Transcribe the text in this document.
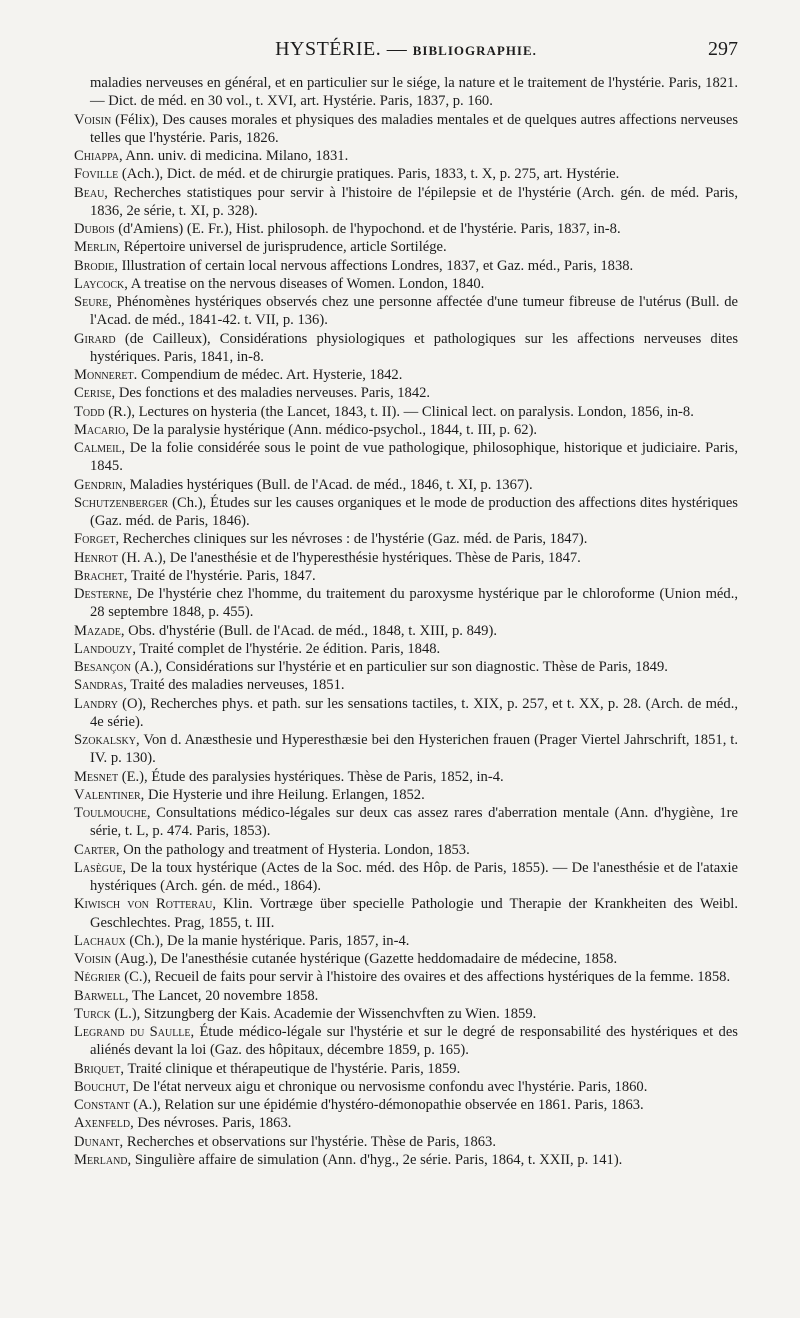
HYSTÉRIE. — BIBLIOGRAPHIE.	297

maladies nerveuses en général, et en particulier sur le siége, la nature et le traitement de l'hystérie. Paris, 1821. — Dict. de méd. en 30 vol., t. XVI, art. Hystérie. Paris, 1837, p. 160.

Voisin (Félix), Des causes morales et physiques des maladies mentales et de quelques autres affections nerveuses telles que l'hystérie. Paris, 1826.

Chiappa, Ann. univ. di medicina. Milano, 1831.

Foville (Ach.), Dict. de méd. et de chirurgie pratiques. Paris, 1833, t. X, p. 275, art. Hystérie.

Beau, Recherches statistiques pour servir à l'histoire de l'épilepsie et de l'hystérie (Arch. gén. de méd. Paris, 1836, 2e série, t. XI, p. 328).

Dubois (d'Amiens) (E. Fr.), Hist. philosoph. de l'hypochond. et de l'hystérie. Paris, 1837, in-8.

Merlin, Répertoire universel de jurisprudence, article Sortilége.

Brodie, Illustration of certain local nervous affections Londres, 1837, et Gaz. méd., Paris, 1838.

Laycock, A treatise on the nervous diseases of Women. London, 1840.

Seure, Phénomènes hystériques observés chez une personne affectée d'une tumeur fibreuse de l'utérus (Bull. de l'Acad. de méd., 1841-42. t. VII, p. 136).

Girard (de Cailleux), Considérations physiologiques et pathologiques sur les affections nerveuses dites hystériques. Paris, 1841, in-8.

Monneret. Compendium de médec. Art. Hysterie, 1842.

Cerise, Des fonctions et des maladies nerveuses. Paris, 1842.

Todd (R.), Lectures on hysteria (the Lancet, 1843, t. II). — Clinical lect. on paralysis. London, 1856, in-8.

Macario, De la paralysie hystérique (Ann. médico-psychol., 1844, t. III, p. 62).

Calmeil, De la folie considérée sous le point de vue pathologique, philosophique, historique et judiciaire. Paris, 1845.

Gendrin, Maladies hystériques (Bull. de l'Acad. de méd., 1846, t. XI, p. 1367).

Schutzenberger (Ch.), Études sur les causes organiques et le mode de production des affections dites hystériques (Gaz. méd. de Paris, 1846).

Forget, Recherches cliniques sur les névroses : de l'hystérie (Gaz. méd. de Paris, 1847).

Henrot (H. A.), De l'anesthésie et de l'hyperesthésie hystériques. Thèse de Paris, 1847.

Brachet, Traité de l'hystérie. Paris, 1847.

Desterne, De l'hystérie chez l'homme, du traitement du paroxysme hystérique par le chloroforme (Union méd., 28 septembre 1848, p. 455).

Mazade, Obs. d'hystérie (Bull. de l'Acad. de méd., 1848, t. XIII, p. 849).

Landouzy, Traité complet de l'hystérie. 2e édition. Paris, 1848.

Besançon (A.), Considérations sur l'hystérie et en particulier sur son diagnostic. Thèse de Paris, 1849.

Sandras, Traité des maladies nerveuses, 1851.

Landry (O), Recherches phys. et path. sur les sensations tactiles, t. XIX, p. 257, et t. XX, p. 28. (Arch. de méd., 4e série).

Szokalsky, Von d. Anæsthesie und Hyperesthæsie bei den Hysterichen frauen (Prager Viertel Jahrschrift, 1851, t. IV. p. 130).

Mesnet (E.), Étude des paralysies hystériques. Thèse de Paris, 1852, in-4.

Valentiner, Die Hysterie und ihre Heilung. Erlangen, 1852.

Toulmouche, Consultations médico-légales sur deux cas assez rares d'aberration mentale (Ann. d'hygiène, 1re série, t. L, p. 474. Paris, 1853).

Carter, On the pathology and treatment of Hysteria. London, 1853.

Lasègue, De la toux hystérique (Actes de la Soc. méd. des Hôp. de Paris, 1855). — De l'anesthésie et de l'ataxie hystériques (Arch. gén. de méd., 1864).

Kiwisch von Rotterau, Klin. Vortræge über specielle Pathologie und Therapie der Krankheiten des Weibl. Geschlechtes. Prag, 1855, t. III.

Lachaux (Ch.), De la manie hystérique. Paris, 1857, in-4.

Voisin (Aug.), De l'anesthésie cutanée hystérique (Gazette heddomadaire de médecine, 1858.

Négrier (C.), Recueil de faits pour servir à l'histoire des ovaires et des affections hystériques de la femme. 1858.

Barwell, The Lancet, 20 novembre 1858.

Turck (L.), Sitzungberg der Kais. Academie der Wissenchvften zu Wien. 1859.

Legrand du Saulle, Étude médico-légale sur l'hystérie et sur le degré de responsabilité des hystériques et des aliénés devant la loi (Gaz. des hôpitaux, décembre 1859, p. 165).

Briquet, Traité clinique et thérapeutique de l'hystérie. Paris, 1859.

Bouchut, De l'état nerveux aigu et chronique ou nervosisme confondu avec l'hystérie. Paris, 1860.

Constant (A.), Relation sur une épidémie d'hystéro-démonopathie observée en 1861. Paris, 1863.

Axenfeld, Des névroses. Paris, 1863.

Dunant, Recherches et observations sur l'hystérie. Thèse de Paris, 1863.

Merland, Singulière affaire de simulation (Ann. d'hyg., 2e série. Paris, 1864, t. XXII, p. 141).
